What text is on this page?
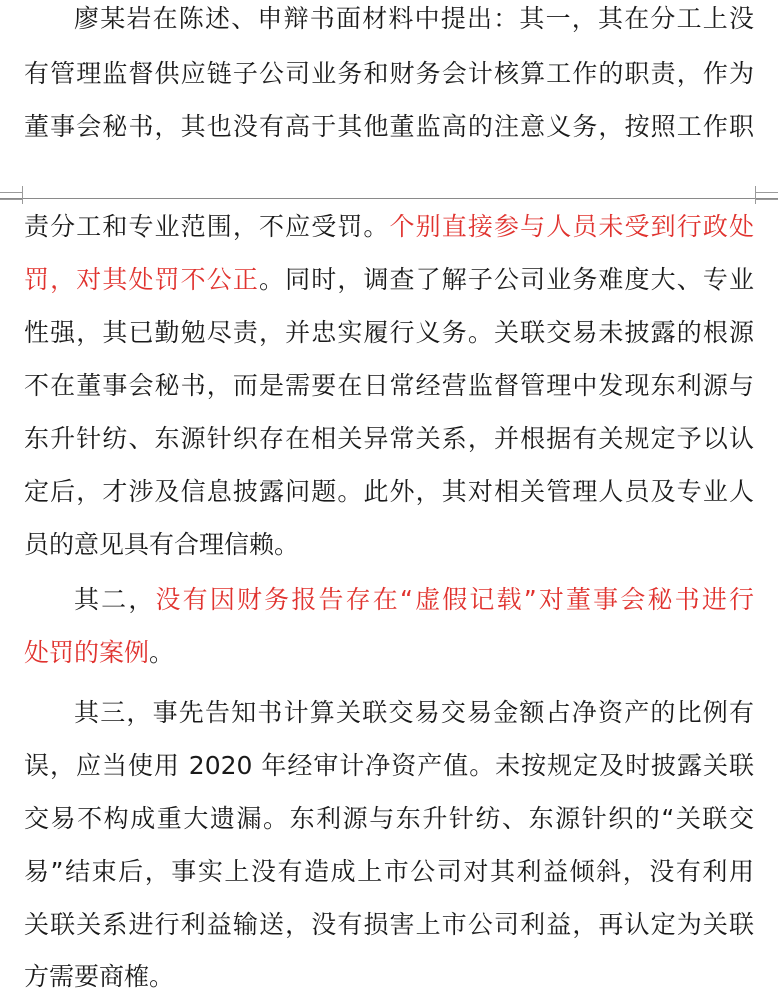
廖某岩在陈述、申辩书面材料中提出：其一，其在分工上没
有管理监督供应链子公司业务和财务会计核算工作的职责，作为
董事会秘书，其也没有高于其他董监高的注意义务，按照工作职
责分工和专业范围，不应受罚。个别直接参与人员未受到行政处
罚，对其处罚不公正。同时，调查了解子公司业务难度大、专业
性强，其已勤勉尽责，并忠实履行义务。关联交易未披露的根源
不在董事会秘书，而是需要在日常经营监督管理中发现东利源与
东升针纺、东源针织存在相关异常关系，并根据有关规定予以认
定后，才涉及信息披露问题。此外，其对相关管理人员及专业人
员的意见具有合理信赖。
其二，没有因财务报告存在“虚假记载”对董事会秘书进行
处罚的案例。
其三，事先告知书计算关联交易交易金额占净资产的比例有
误，应当使用 2020 年经审计净资产值。未按规定及时披露关联
交易不构成重大遗漏。东利源与东升针纺、东源针织的“关联交
易”结束后，事实上没有造成上市公司对其利益倾斜，没有利用
关联关系进行利益输送，没有损害上市公司利益，再认定为关联
方需要商榷。
